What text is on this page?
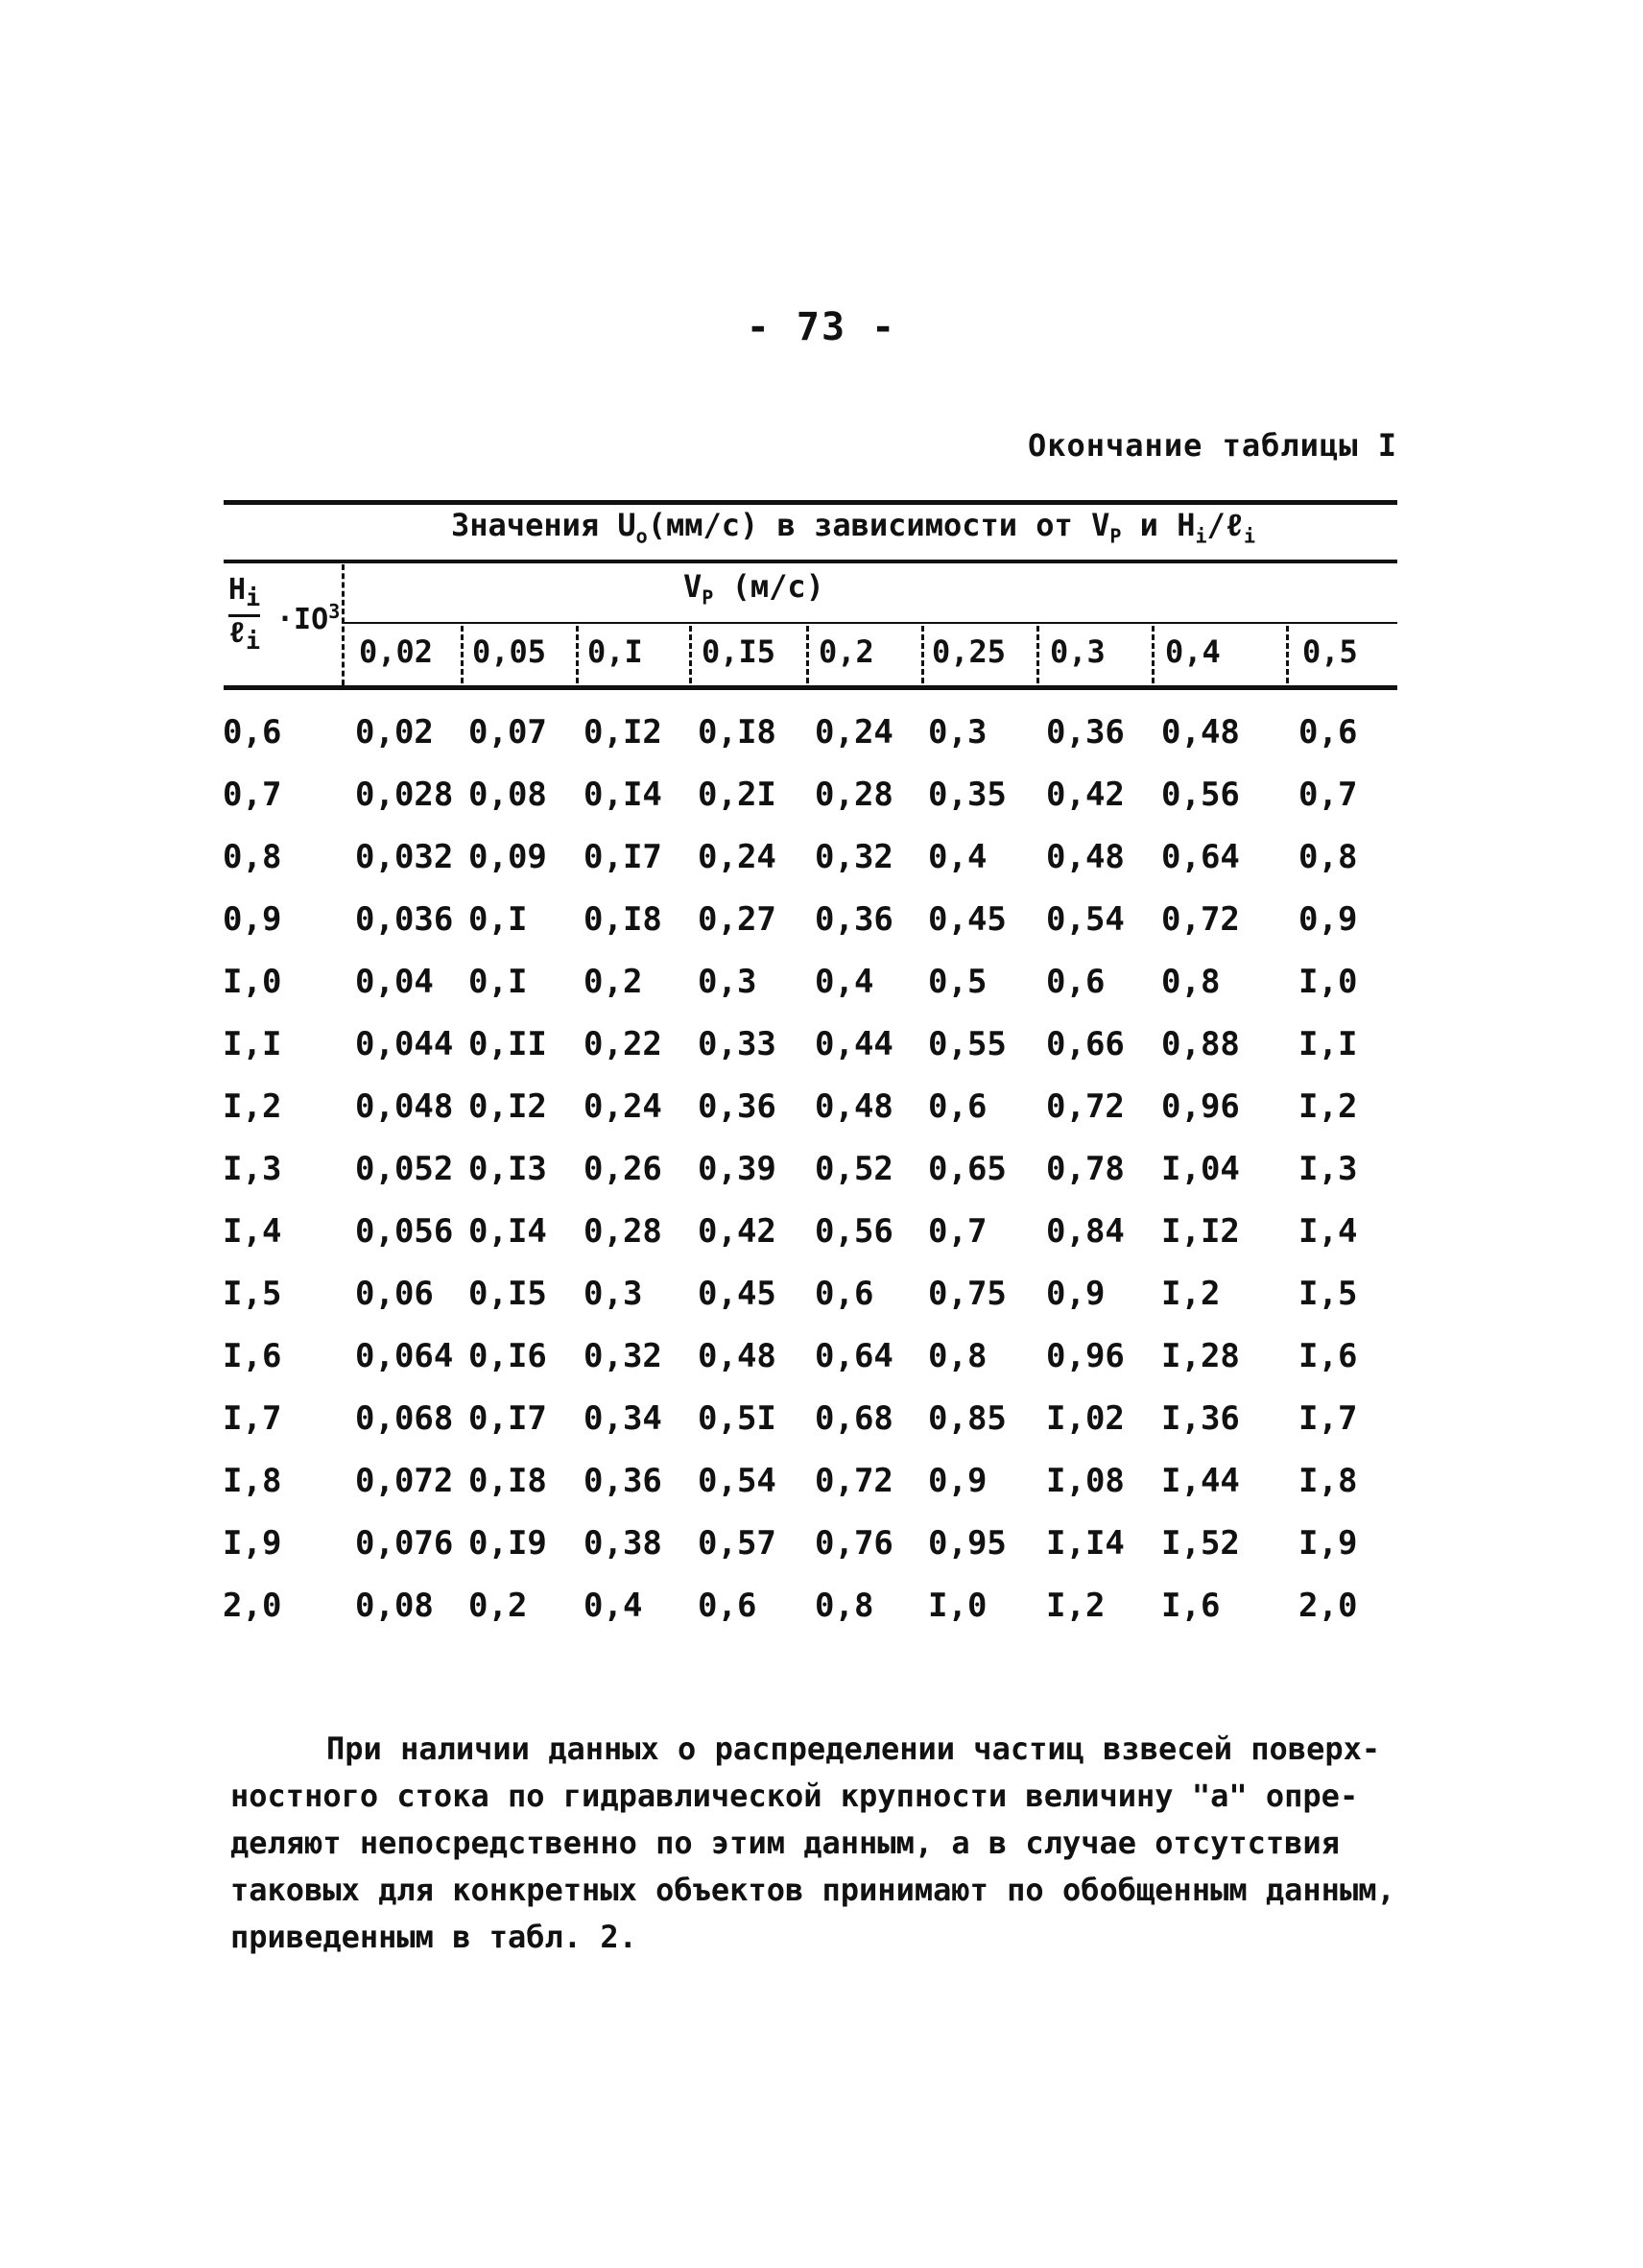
- 73 -
Окончание таблицы I
Значения $U_o(мм/с)$ в зависимости от $V_P$ и $H_i/\ell_i$
$H_i$
ℓ$_i$
$\cdot IO^3$
$V_P$ (м/с)
0,02 0,05 0,I 0,I5 0,2 0,25 0,3 0,4	0,5
0,6 0,02 0,07 0,I2 0,I8 0,24 0,3 0,36 0,48 0,6
0,7 0,028 0,08 0,I4 0,2I 0,28 0,35 0,42 0,56 0,7
0,8 0,032 0,09 0,I7 0,24 0,32 0,4 0,48 0,64 0,8
0,9 0,036 0,I 0,I8 0,27 0,36 0,45 0,54 0,72 0,9
I,0 0,04 0,I 0,2 0,3 0,4 0,5 0,6 0,8 I,0
I,I 0,044 0,II 0,22 0,33 0,44 0,55 0,66 0,88 I,I
I,2 0,048 0,I2 0,24 0,36 0,48 0,6 0,72 0,96 I,2
I,3 0,052 0,I3 0,26 0,39 0,52 0,65 0,78 I,04 I,3
I,4 0,056 0,I4 0,28 0,42 0,56 0,7 0,84 I,I2 I,4
I,5 0,06 0,I5 0,3 0,45 0,6 0,75 0,9 I,2 I,5
I,6 0,064 0,I6 0,32 0,48 0,64 0,8 0,96 I,28 I,6
I,7 0,068 0,I7 0,34 0,5I 0,68 0,85 I,02 I,36 I,7
I,8 0,072 0,I8 0,36 0,54 0,72 0,9 I,08 I,44 I,8
I,9 0,076 0,I9 0,38 0,57 0,76 0,95 I,I4 I,52 I,9
2,0 0,08 0,2 0,4 0,6 0,8 I,0 I,2 I,6 2,0
При наличии данных о распределении частиц взвесей поверх-
ностного стока по гидравлической крупности величину "а" опре-
деляют непосредственно по этим данным, а в случае отсутствия
таковых для конкретных объектов принимают по обобщенным данным,
приведенным в табл. 2.
